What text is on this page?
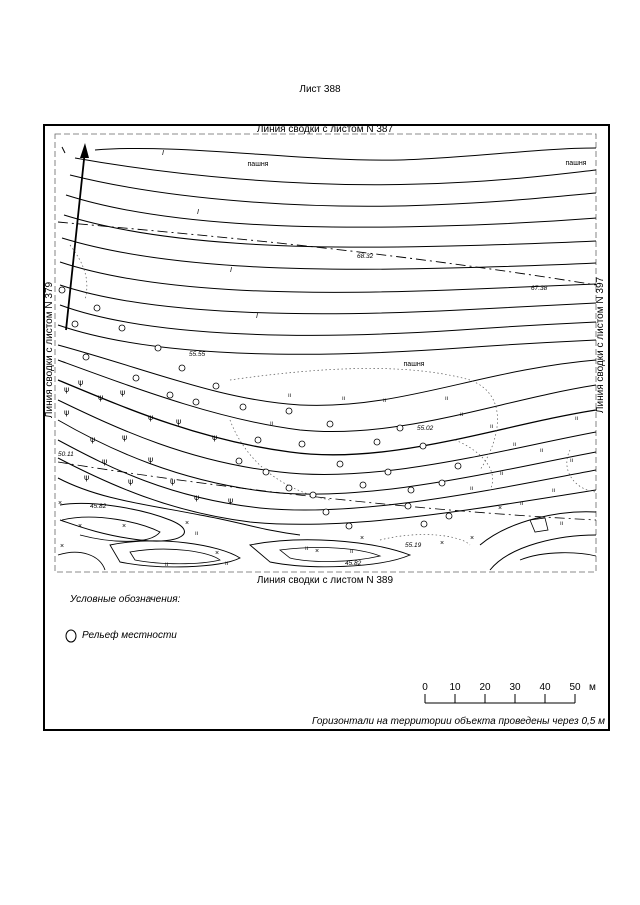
Лист 388
Линия сводки с листом N 387
Линия сводки с листом N 389
Линия сводки с листом N 379	Линия сводки с листом N 397
ψ
ψ
ψ
ψ
ψ
ψ	ψ
ψ	ψ	ψ
ψ	ψ
ψ	ψ	ψ
ψ
ψ
ıı	ıı
ıı	ıı
ıı
ıı
ıı
ıı
ıı
ıı
ıı
ıı
ıı
ıı
ıı
ıı
ıı	ıı
ıı	ıı
ıı
×
×
×
×
×
×
×
×
×
×
×
I
I
I
I
пашня	пашня
пашня
68.32
67.38
55.55
55.02
50.11
45.82
55.19
45.82
Условные обозначения:
Рельеф местности
0 10 20 30 40 50 м
Горизонтали на территории объекта проведены через 0,5 м
